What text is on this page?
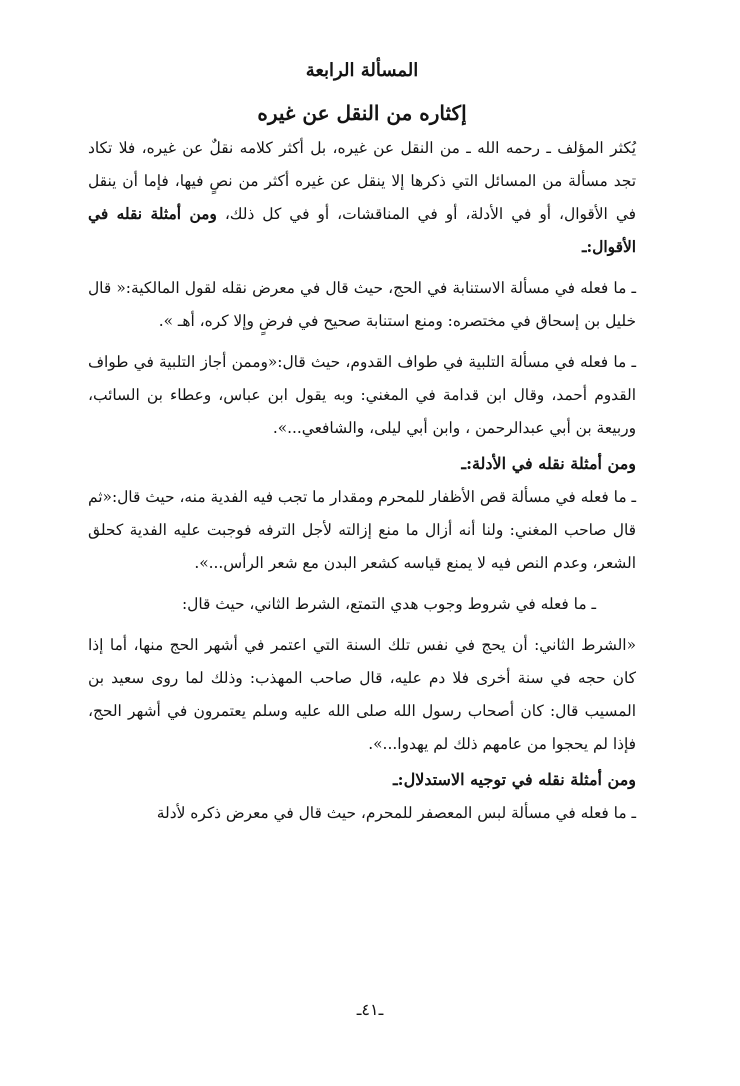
المسألة الرابعة

إكثاره من النقل عن غيره

يُكثر المؤلف ـ رحمه الله ـ من النقل عن غيره، بل أكثر كلامه نقلٌ عن غيره، فلا تكاد تجد مسألة من المسائل التي ذكرها إلا ينقل عن غيره أكثر من نصٍ فيها، فإما أن ينقل في الأقوال، أو في الأدلة، أو في المناقشات، أو في كل ذلك، ومن أمثلة نقله في الأقوال:ـ

ـ ما فعله في مسألة الاستنابة في الحج، حيث قال في معرض نقله لقول المالكية:« قال خليل بن إسحاق في مختصره: ومنع استنابة صحيح في فرضٍ وإلا كره، أهـ ».

ـ ما فعله في مسألة التلبية في طواف القدوم، حيث قال:«وممن أجاز التلبية في طواف القدوم أحمد، وقال ابن قدامة في المغني: وبه يقول ابن عباس، وعطاء بن السائب، وربيعة بن أبي عبدالرحمن ، وابن أبي ليلى، والشافعي...».

ومن أمثلة نقله في الأدلة:ـ

ـ ما فعله في مسألة قص الأظفار للمحرم ومقدار ما تجب فيه الفدية منه، حيث قال:«ثم قال صاحب المغني: ولنا أنه أزال ما منع إزالته لأجل الترفه فوجبت عليه الفدية كحلق الشعر، وعدم النص فيه لا يمنع قياسه كشعر البدن مع شعر الرأس...».

ـ ما فعله في شروط وجوب هدي التمتع، الشرط الثاني، حيث قال:

«الشرط الثاني: أن يحج في نفس تلك السنة التي اعتمر في أشهر الحج منها، أما إذا كان حجه في سنة أخرى فلا دم عليه، قال صاحب المهذب: وذلك لما روى سعيد بن المسيب قال: كان أصحاب رسول الله صلى الله عليه وسلم يعتمرون في أشهر الحج، فإذا لم يحجوا من عامهم ذلك لم يهدوا...».

ومن أمثلة نقله في توجيه الاستدلال:ـ

ـ ما فعله في مسألة لبس المعصفر للمحرم، حيث قال في معرض ذكره لأدلة

ـ٤١ـ
